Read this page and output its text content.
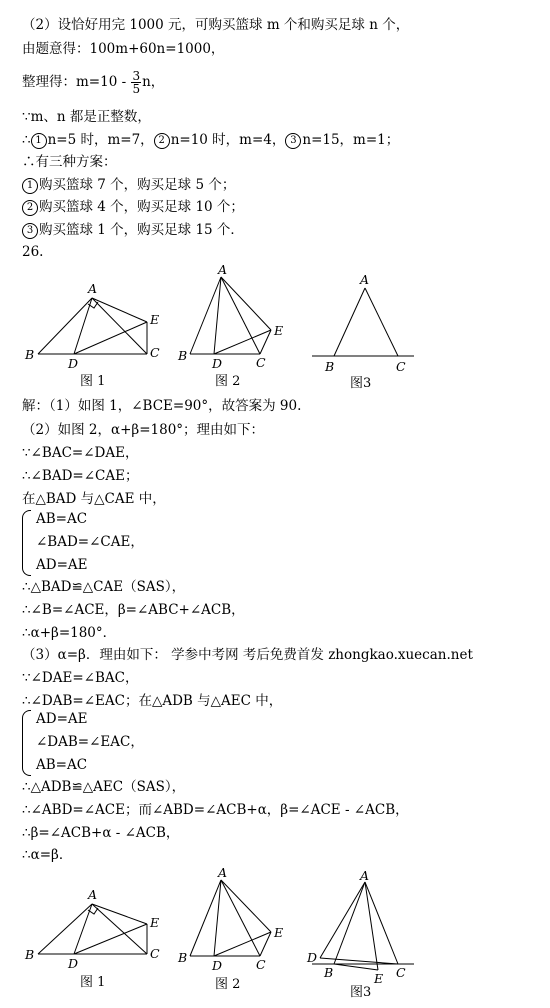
（2）设恰好用完 1000 元，可购买篮球 m 个和购买足球 n 个，
由题意得：100m+60n=1000，
整理得：$m=10 - \frac{3}{5}$ n，
∵m、n 都是正整数，
∴ 1 n=5 时，m=7， 2 n=10 时，m=4， 3 n=15，m=1；
∴有三种方案：
1 购买篮球 7 个，购买足球 5 个；
2 购买篮球 4 个，购买足球 10 个；
3 购买篮球 1 个，购买足球 15 个．
26.
A
E
B
D
C
图 1
A
E
B
D	C
图 2
A
B	C
图3
解：（1）如图 1，∠BCE=90°，故答案为 90.
（2）如图 2，α+β=180°；理由如下：
∵∠BAC=∠DAE，
∴∠BAD=∠CAE；
在△BAD 与△CAE 中，
AB=AC
∠BAD=∠CAE，
AD=AE
∴△BAD≌△CAE（SAS），
∴∠B=∠ACE，β=∠ABC+∠ACB，
∴α+β=180°．
（3）α=β．理由如下： 学参中考网 考后免费首发 zhongkao.xuecan.net
∵∠DAE=∠BAC，
∴∠DAB=∠EAC；在△ADB 与△AEC 中，
AD=AE
∠DAB=∠EAC，
AB=AC
∴△ADB≌△AEC（SAS），
∴∠ABD=∠ACE；而∠ABD=∠ACB+α，β=∠ACE - ∠ACB，
∴β=∠ACB+α - ∠ACB，
∴α=β．
A
E
B
D
C
图 1
A
E
B
D	C
图 2
A
D
B	E C
图3
